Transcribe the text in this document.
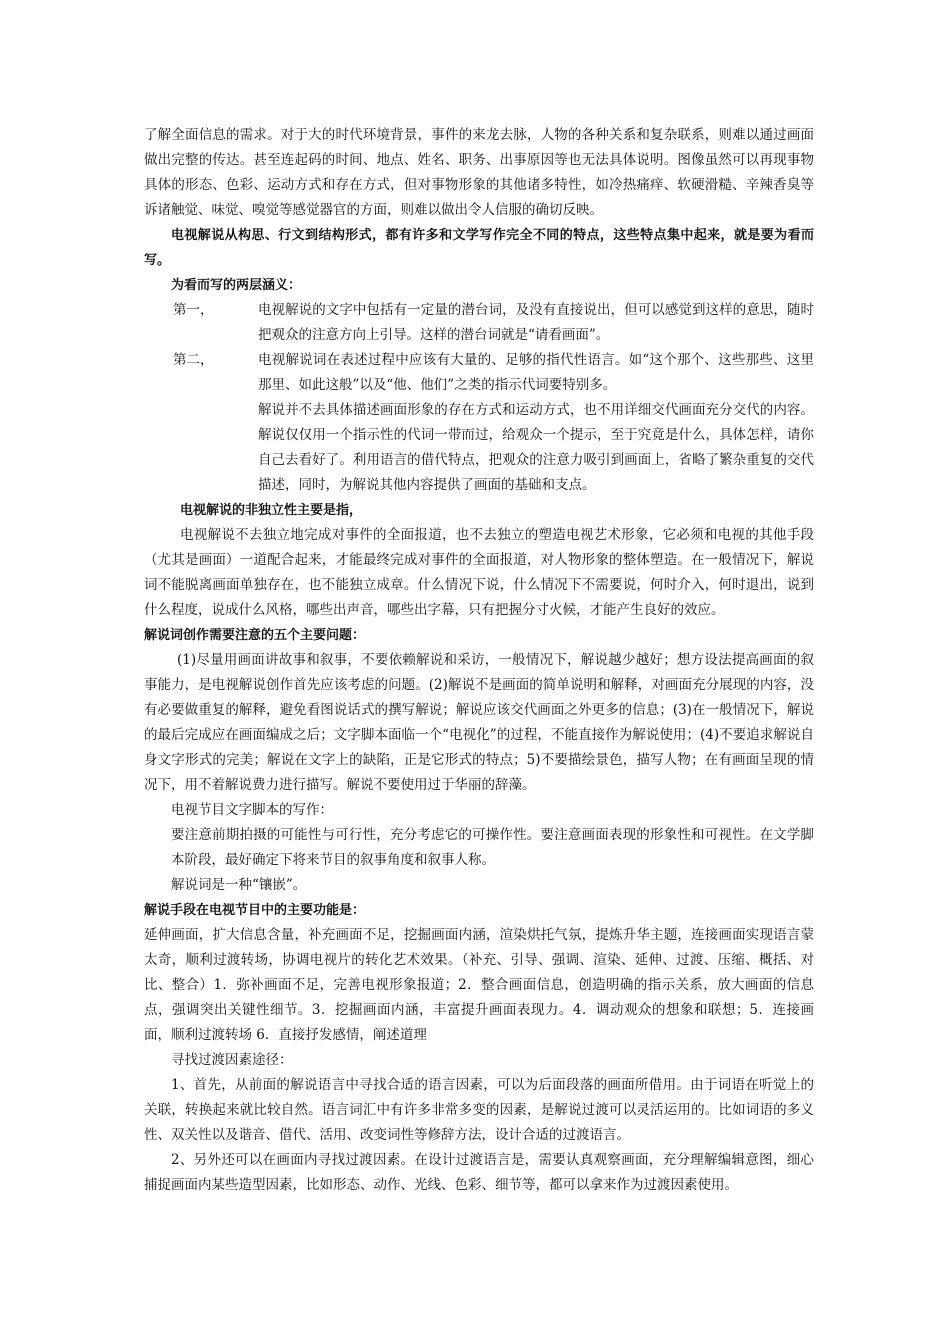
了解全面信息的需求。对于大的时代环境背景，事件的来龙去脉，人物的各种关系和复杂联系，则难以通过画面做出完整的传达。甚至连起码的时间、地点、姓名、职务、出事原因等也无法具体说明。图像虽然可以再现事物具体的形态、色彩、运动方式和存在方式，但对事物形象的其他诸多特性，如冷热痛痒、软硬滑糙、辛辣香臭等诉诸触觉、味觉、嗅觉等感觉器官的方面，则难以做出令人信服的确切反映。

电视解说从构思、行文到结构形式，都有许多和文学写作完全不同的特点，这些特点集中起来，就是要为看而写。

为看而写的两层涵义：

第一，	电视解说的文字中包括有一定量的潜台词，及没有直接说出，但可以感觉到这样的意思，随时把观众的注意方向上引导。这样的潜台词就是“请看画面”。

第二，	电视解说词在表述过程中应该有大量的、足够的指代性语言。如“这个那个、这些那些、这里那里、如此这般”以及“他、他们”之类的指示代词要特别多。

解说并不去具体描述画面形象的存在方式和运动方式，也不用详细交代画面充分交代的内容。解说仅仅用一个指示性的代词一带而过，给观众一个提示，至于究竟是什么，具体怎样，请你自己去看好了。利用语言的借代特点，把观众的注意力吸引到画面上，省略了繁杂重复的交代描述，同时，为解说其他内容提供了画面的基础和支点。

电视解说的非独立性主要是指，

电视解说不去独立地完成对事件的全面报道，也不去独立的塑造电视艺术形象，它必须和电视的其他手段（尤其是画面）一道配合起来，才能最终完成对事件的全面报道，对人物形象的整体塑造。在一般情况下，解说词不能脱离画面单独存在，也不能独立成章。什么情况下说，什么情况下不需要说，何时介入，何时退出，说到什么程度，说成什么风格，哪些出声音，哪些出字幕，只有把握分寸火候，才能产生良好的效应。

解说词创作需要注意的五个主要问题：

(1)尽量用画面讲故事和叙事，不要依赖解说和采访，一般情况下，解说越少越好；想方设法提高画面的叙事能力，是电视解说创作首先应该考虑的问题。(2)解说不是画面的简单说明和解释，对画面充分展现的内容，没有必要做重复的解释，避免看图说话式的撰写解说；解说应该交代画面之外更多的信息；(3)在一般情况下，解说的最后完成应在画面编成之后；文字脚本面临一个“电视化”的过程，不能直接作为解说使用；(4)不要追求解说自身文字形式的完美；解说在文字上的缺陷，正是它形式的特点；5)不要描绘景色，描写人物；在有画面呈现的情况下，用不着解说费力进行描写。解说不要使用过于华丽的辞藻。

电视节目文字脚本的写作：

要注意前期拍摄的可能性与可行性，充分考虑它的可操作性。要注意画面表现的形象性和可视性。在文学脚本阶段，最好确定下将来节目的叙事角度和叙事人称。

解说词是一种“镶嵌”。

解说手段在电视节目中的主要功能是：

延伸画面，扩大信息含量，补充画面不足，挖掘画面内涵，渲染烘托气氛，提炼升华主题，连接画面实现语言蒙太奇，顺利过渡转场，协调电视片的转化艺术效果。（补充、引导、强调、渲染、延伸、过渡、压缩、概括、对比、整合）1．弥补画面不足，完善电视形象报道；2．整合画面信息，创造明确的指示关系，放大画面的信息点，强调突出关键性细节。3．挖掘画面内涵，丰富提升画面表现力。4．调动观众的想象和联想；5．连接画面，顺利过渡转场 6．直接抒发感情，阐述道理

寻找过渡因素途径：

1、首先，从前面的解说语言中寻找合适的语言因素，可以为后面段落的画面所借用。由于词语在听觉上的关联，转换起来就比较自然。语言词汇中有许多非常多变的因素，是解说过渡可以灵活运用的。比如词语的多义性、双关性以及谐音、借代、活用、改变词性等修辞方法，设计合适的过渡语言。

2、另外还可以在画面内寻找过渡因素。在设计过渡语言是，需要认真观察画面，充分理解编辑意图，细心捕捉画面内某些造型因素，比如形态、动作、光线、色彩、细节等，都可以拿来作为过渡因素使用。
